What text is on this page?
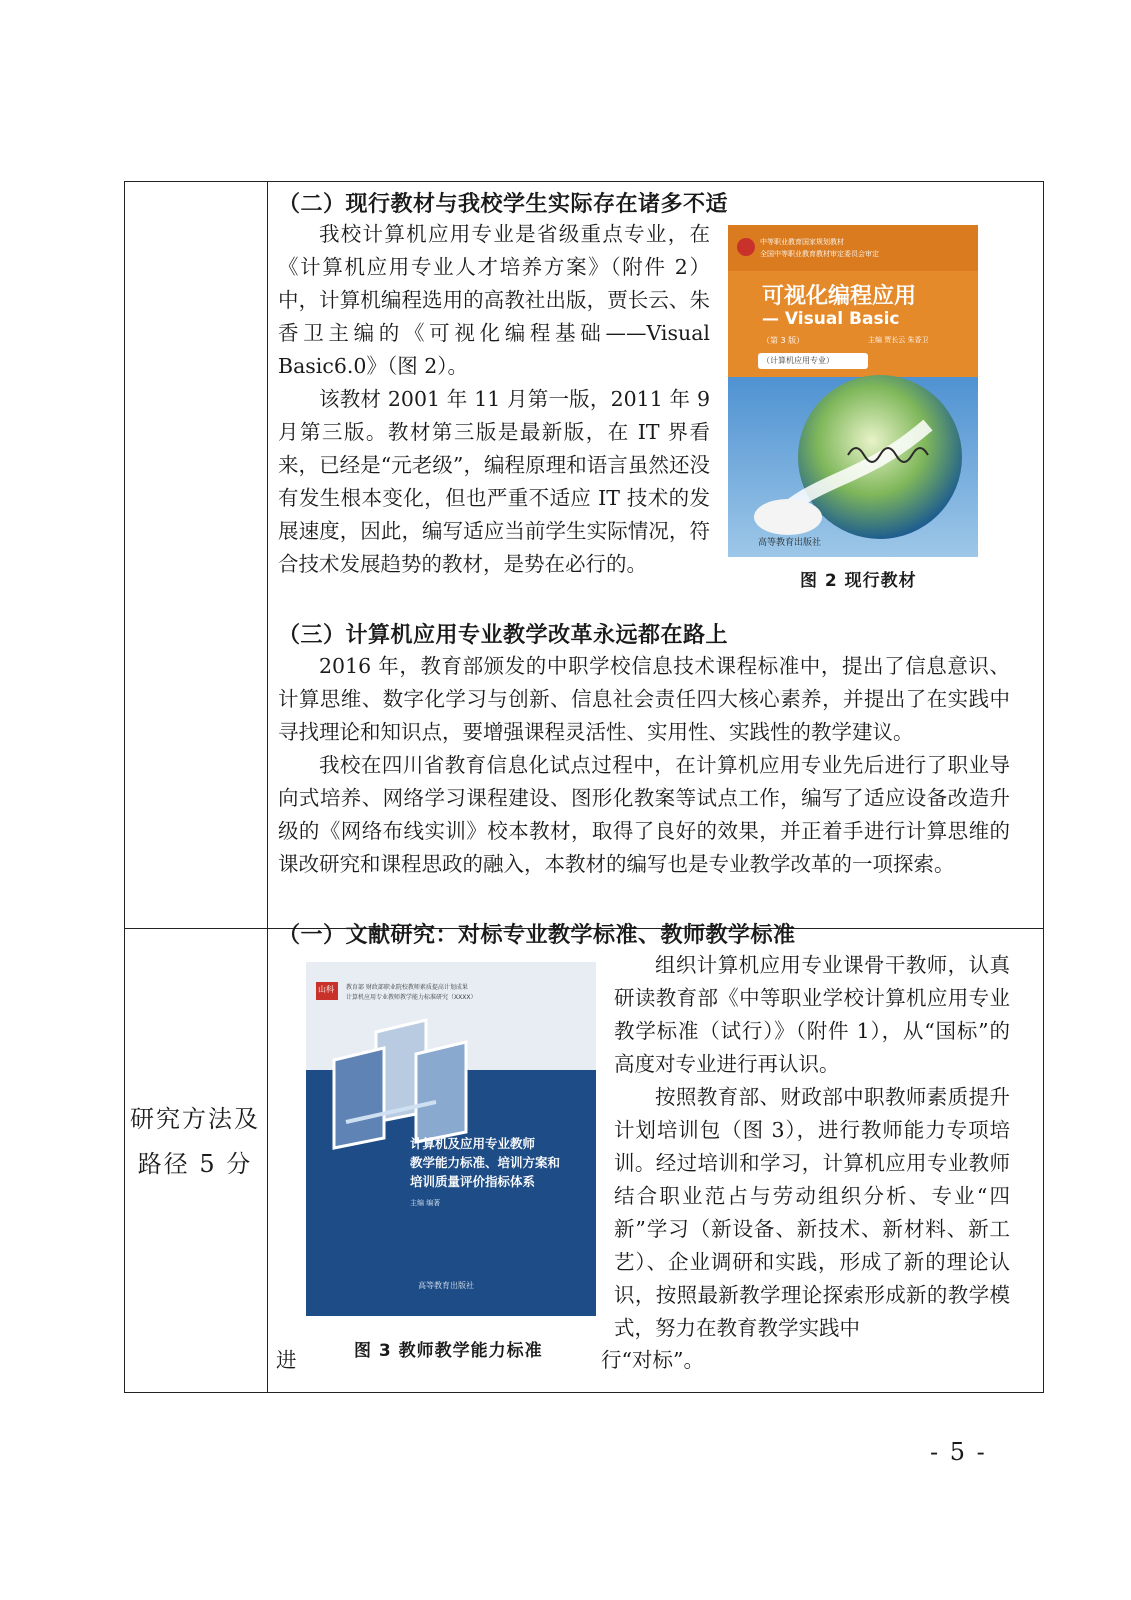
（二）现行教材与我校学生实际存在诸多不适

我校计算机应用专业是省级重点专业，在《计算机应用专业人才培养方案》（附件 2）中，计算机编程选用的高教社出版，贾长云、朱香卫主编的《可视化编程基础——Visual Basic6.0》（图 2）。

该教材 2001 年 11 月第一版，2011 年 9 月第三版。教材第三版是最新版，在 IT 界看来，已经是“元老级”，编程原理和语言虽然还没有发生根本变化，但也严重不适应 IT 技术的发展速度，因此，编写适应当前学生实际情况，符合技术发展趋势的教材，是势在必行的。

中等职业教育国家规划教材
全国中等职业教育教材审定委员会审定
可视化编程应用
— Visual Basic
（第 3 版）	主编 贾长云 朱香卫
（计算机应用专业）
高等教育出版社
图 2 现行教材
（三）计算机应用专业教学改革永远都在路上

2016 年，教育部颁发的中职学校信息技术课程标准中，提出了信息意识、计算思维、数字化学习与创新、信息社会责任四大核心素养，并提出了在实践中寻找理论和知识点，要增强课程灵活性、实用性、实践性的教学建议。

我校在四川省教育信息化试点过程中，在计算机应用专业先后进行了职业导向式培养、网络学习课程建设、图形化教案等试点工作，编写了适应设备改造升级的《网络布线实训》校本教材，取得了良好的效果，并正着手进行计算思维的课改研究和课程思政的融入，本教材的编写也是专业教学改革的一项探索。

研究方法及路径 5 分
（一）文献研究：对标专业教学标准、教师教学标准
山科 教育部 财政部职业院校教师素质提高计划成果
计算机应用专业教师教学能力标准研究（XXXX）
计算机及应用专业教师
教学能力标准、培训方案和
培训质量评价指标体系
主编 编著
高等教育出版社
图 3 教师教学能力标准
进

组织计算机应用专业课骨干教师，认真研读教育部《中等职业学校计算机应用专业教学标准（试行）》（附件 1），从“国标”的高度对专业进行再认识。

按照教育部、财政部中职教师素质提升计划培训包（图 3），进行教师能力专项培训。经过培训和学习，计算机应用专业教师结合职业范占与劳动组织分析、专业“四新”学习（新设备、新技术、新材料、新工艺）、企业调研和实践，形成了新的理论认识，按照最新教学理论探索形成新的教学模式，努力在教育教学实践中

行“对标”。
- 5 -
